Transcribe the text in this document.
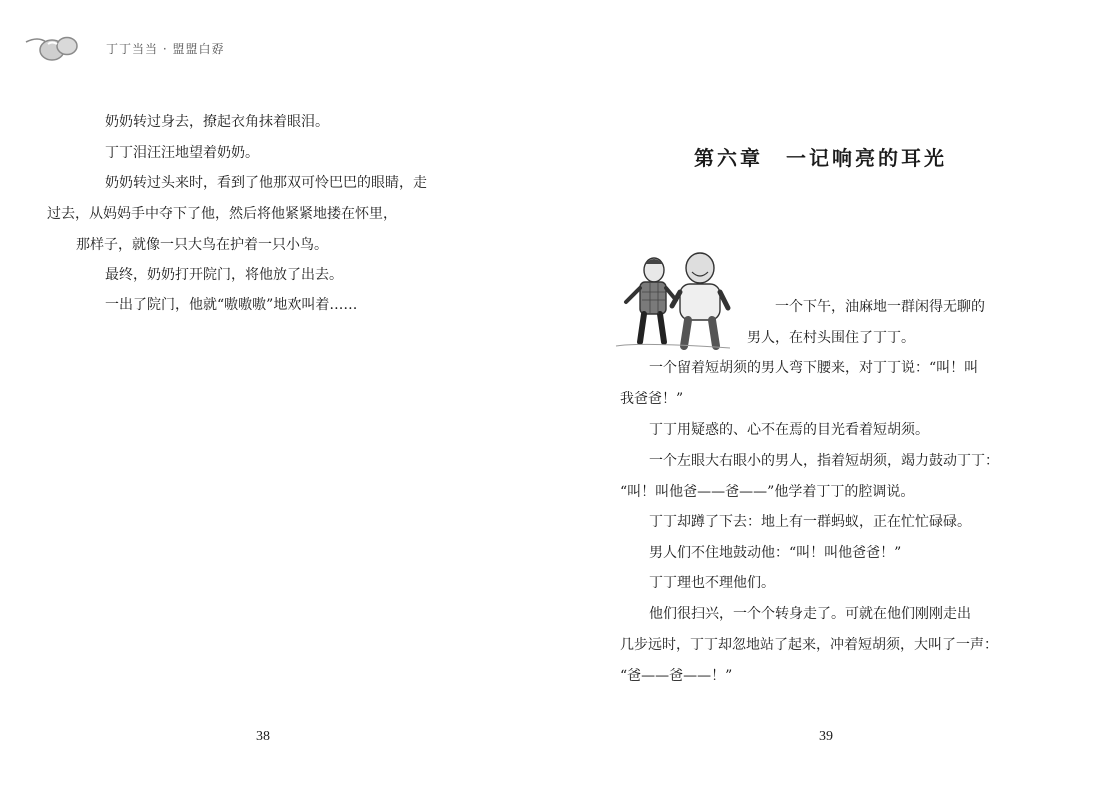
丁丁当当 · 盟盟白孬

奶奶转过身去，撩起衣角抹着眼泪。

丁丁泪汪汪地望着奶奶。

奶奶转过头来时，看到了他那双可怜巴巴的眼睛，走
过去，从妈妈手中夺下了他，然后将他紧紧地搂在怀里，
那样子，就像一只大鸟在护着一只小鸟。

最终，奶奶打开院门，将他放了出去。

一出了院门，他就“嗷嗷嗷”地欢叫着……

38
第六章　一记响亮的耳光

一个下午，油麻地一群闲得无聊的
男人，在村头围住了丁丁。

一个留着短胡须的男人弯下腰来，对丁丁说：“叫！叫
我爸爸！”

丁丁用疑惑的、心不在焉的目光看着短胡须。

一个左眼大右眼小的男人，指着短胡须，竭力鼓动丁丁：
“叫！叫他爸——爸——”他学着丁丁的腔调说。

丁丁却蹲了下去：地上有一群蚂蚁，正在忙忙碌碌。

男人们不住地鼓动他：“叫！叫他爸爸！”

丁丁理也不理他们。

他们很扫兴，一个个转身走了。可就在他们刚刚走出
几步远时，丁丁却忽地站了起来，冲着短胡须，大叫了一声：
“爸——爸——！”

39
